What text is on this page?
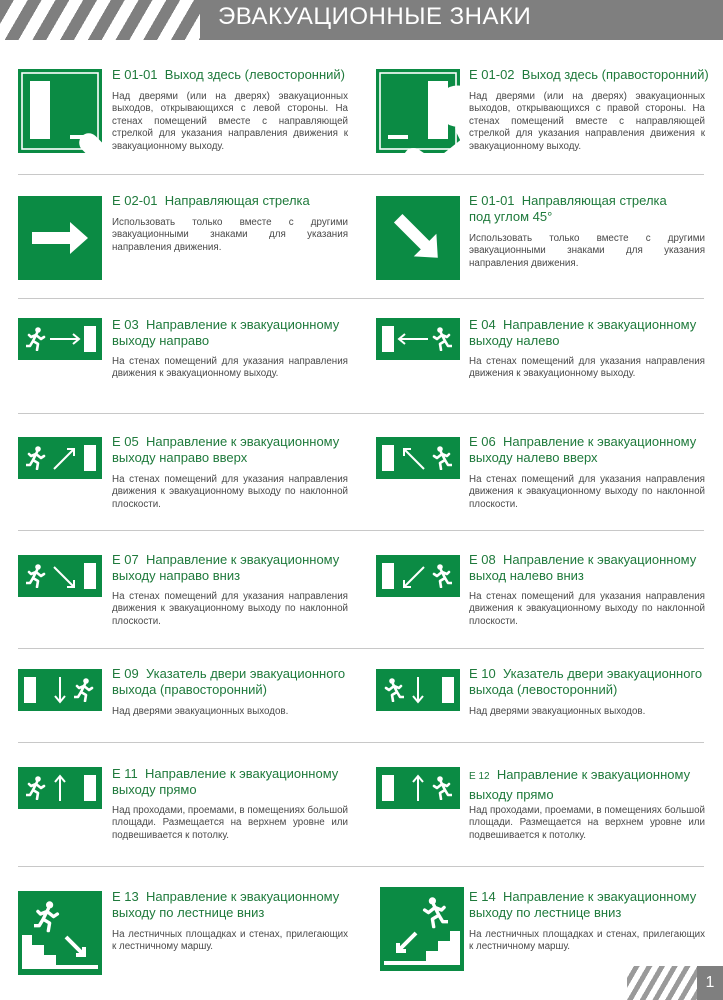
ЭВАКУАЦИОННЫЕ ЗНАКИ
E 01-01 Выход здесь (левосторонний)
Над дверями (или на дверях) эвакуационных выходов, открывающихся с левой стороны. На стенах помещений вместе с направляющей стрелкой для указания направления движения к эвакуационному выходу.
E 01-02 Выход здесь (правосторонний)
Над дверями (или на дверях) эвакуационных выходов, открывающихся с правой стороны. На стенах помещений вместе с направляющей стрелкой для указания направления движения к эвакуационному выходу.
E 02-01 Направляющая стрелка
Использовать только вместе с другими эвакуационными знаками для указания направления движения.
E 01-01 Направляющая стрелка
под углом 45°
Использовать только вместе с другими эвакуационными знаками для указания направления движения.
E 03 Направление к эвакуационному
выходу направо
На стенах помещений для указания направления движения к эвакуационному выходу.
E 04 Направление к эвакуационному
выходу налево
На стенах помещений для указания направления движения к эвакуационному выходу.
E 05 Направление к эвакуационному
выходу направо вверх
На стенах помещений для указания направления движения к эвакуационному выходу по наклонной плоскости.
E 06 Направление к эвакуационному
выходу налево вверх
На стенах помещений для указания направления движения к эвакуационному выходу по наклонной плоскости.
E 07 Направление к эвакуационному
выходу направо вниз
На стенах помещений для указания направления движения к эвакуационному выходу по наклонной плоскости.
E 08 Направление к эвакуационному
выход налево вниз
На стенах помещений для указания направления движения к эвакуационному выходу по наклонной плоскости.
E 09 Указатель двери эвакуационного
выхода (правосторонний)
Над дверями эвакуационных выходов.
E 10 Указатель двери эвакуационного
выхода (левосторонний)
Над дверями эвакуационных выходов.
E 11 Направление к эвакуационному
выходу прямо
Над проходами, проемами, в помещениях большой площади. Размещается на верхнем уровне или подвешивается к потолку.
E 12 Направление к эвакуационному
выходу прямо
Над проходами, проемами, в помещениях большой площади. Размещается на верхнем уровне или подвешивается к потолку.
E 13 Направление к эвакуационному
выходу по лестнице вниз
На лестничных площадках и стенах, прилегающих к лестничному маршу.
E 14 Направление к эвакуационному
выходу по лестнице вниз
На лестничных площадках и стенах, прилегающих к лестничному маршу.
1
